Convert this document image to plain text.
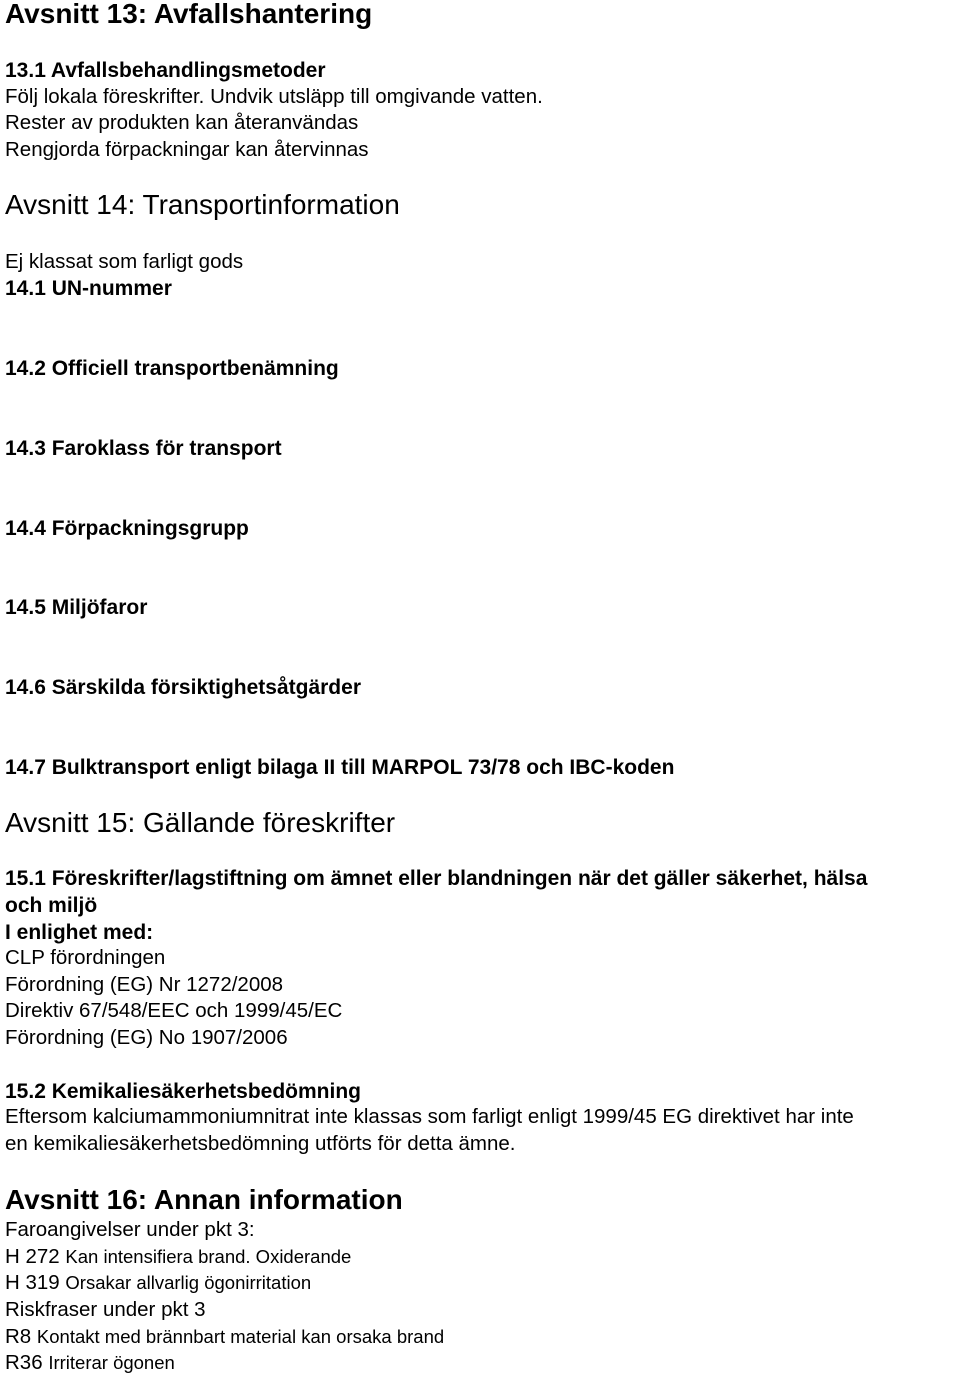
Avsnitt 13: Avfallshantering
13.1 Avfallsbehandlingsmetoder
Följ lokala föreskrifter. Undvik utsläpp till omgivande vatten.
Rester av produkten kan återanvändas
Rengjorda förpackningar kan återvinnas
Avsnitt 14: Transportinformation
Ej klassat som farligt gods
14.1 UN-nummer
14.2 Officiell transportbenämning
14.3 Faroklass för transport
14.4 Förpackningsgrupp
14.5 Miljöfaror
14.6 Särskilda försiktighetsåtgärder
14.7 Bulktransport enligt bilaga II till MARPOL 73/78 och IBC-koden
Avsnitt 15: Gällande föreskrifter
15.1 Föreskrifter/lagstiftning om ämnet eller blandningen när det gäller säkerhet, hälsa
och miljö
I enlighet med:
CLP förordningen
Förordning (EG) Nr 1272/2008
Direktiv 67/548/EEC och 1999/45/EC
Förordning (EG) No 1907/2006
15.2 Kemikaliesäkerhetsbedömning
Eftersom kalciumammoniumnitrat inte klassas som farligt enligt 1999/45 EG direktivet har inte
en kemikaliesäkerhetsbedömning utförts för detta ämne.
Avsnitt 16: Annan information
Faroangivelser under pkt 3:
H 272 Kan intensifiera brand. Oxiderande
H 319 Orsakar allvarlig ögonirritation
Riskfraser under pkt 3
R8 Kontakt med brännbart material kan orsaka brand
R36 Irriterar ögonen
